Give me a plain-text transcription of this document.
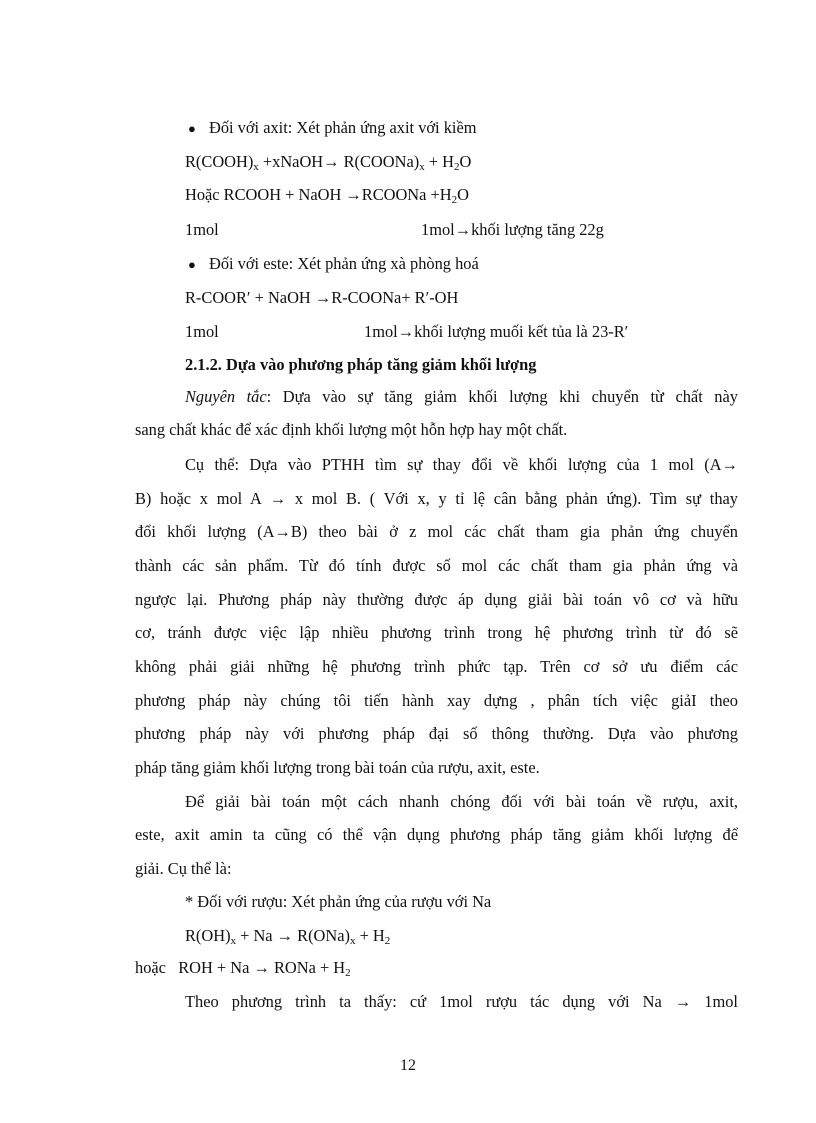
● Đối với axit: Xét phản ứng axit với kiềm
$R(COOH)_x$ +xNaOH→ $R(COONa)_x + H_2O$
Hoặc RCOOH + NaOH →RCOONa $+H_2O$
1mol	1mol→khối lượng tăng 22g
● Đối với este: Xét phản ứng xà phòng hoá
R-COOR′ + NaOH →R-COONa+ R′-OH
1mol	1mol→khối lượng muối kết tủa là 23-R′
2.1.2. Dựa vào phương pháp tăng giảm khối lượng
Nguyên tắc: Dựa vào sự tăng giảm khối lượng khi chuyển từ chất này
sang chất khác để xác định khối lượng một hỗn hợp hay một chất.
Cụ thể: Dựa vào PTHH tìm sự thay đổi về khối lượng của 1 mol (A→
B) hoặc x mol A → x mol B. ( Với x, y tỉ lệ cân bằng phản ứng). Tìm sự thay
đổi khối lượng (A→B) theo bài ở z mol các chất tham gia phản ứng chuyển
thành các sản phẩm. Từ đó tính được số mol các chất tham gia phản ứng và
ngược lại. Phương pháp này thường được áp dụng giải bài toán vô cơ và hữu
cơ, tránh được việc lập nhiều phương trình trong hệ phương trình từ đó sẽ
không phải giải những hệ phương trình phức tạp. Trên cơ sở ưu điểm các
phương pháp này chúng tôi tiến hành xay dựng , phân tích việc giảI theo
phương pháp này với phương pháp đại số thông thường. Dựa vào phương
pháp tăng giảm khối lượng trong bài toán của rượu, axit, este.
Để giải bài toán một cách nhanh chóng đối với bài toán về rượu, axit,
este, axit amin ta cũng có thể vận dụng phương pháp tăng giảm khối lượng để
giải. Cụ thể là:
* Đối với rượu: Xét phản ứng của rượu với Na
$R(OH)_x + Na \to R(ONa)_x + H_2$
hoặc   ROH + Na → RONa + $H_2$
Theo phương trình ta thấy: cứ 1mol rượu tác dụng với Na → 1mol
12
